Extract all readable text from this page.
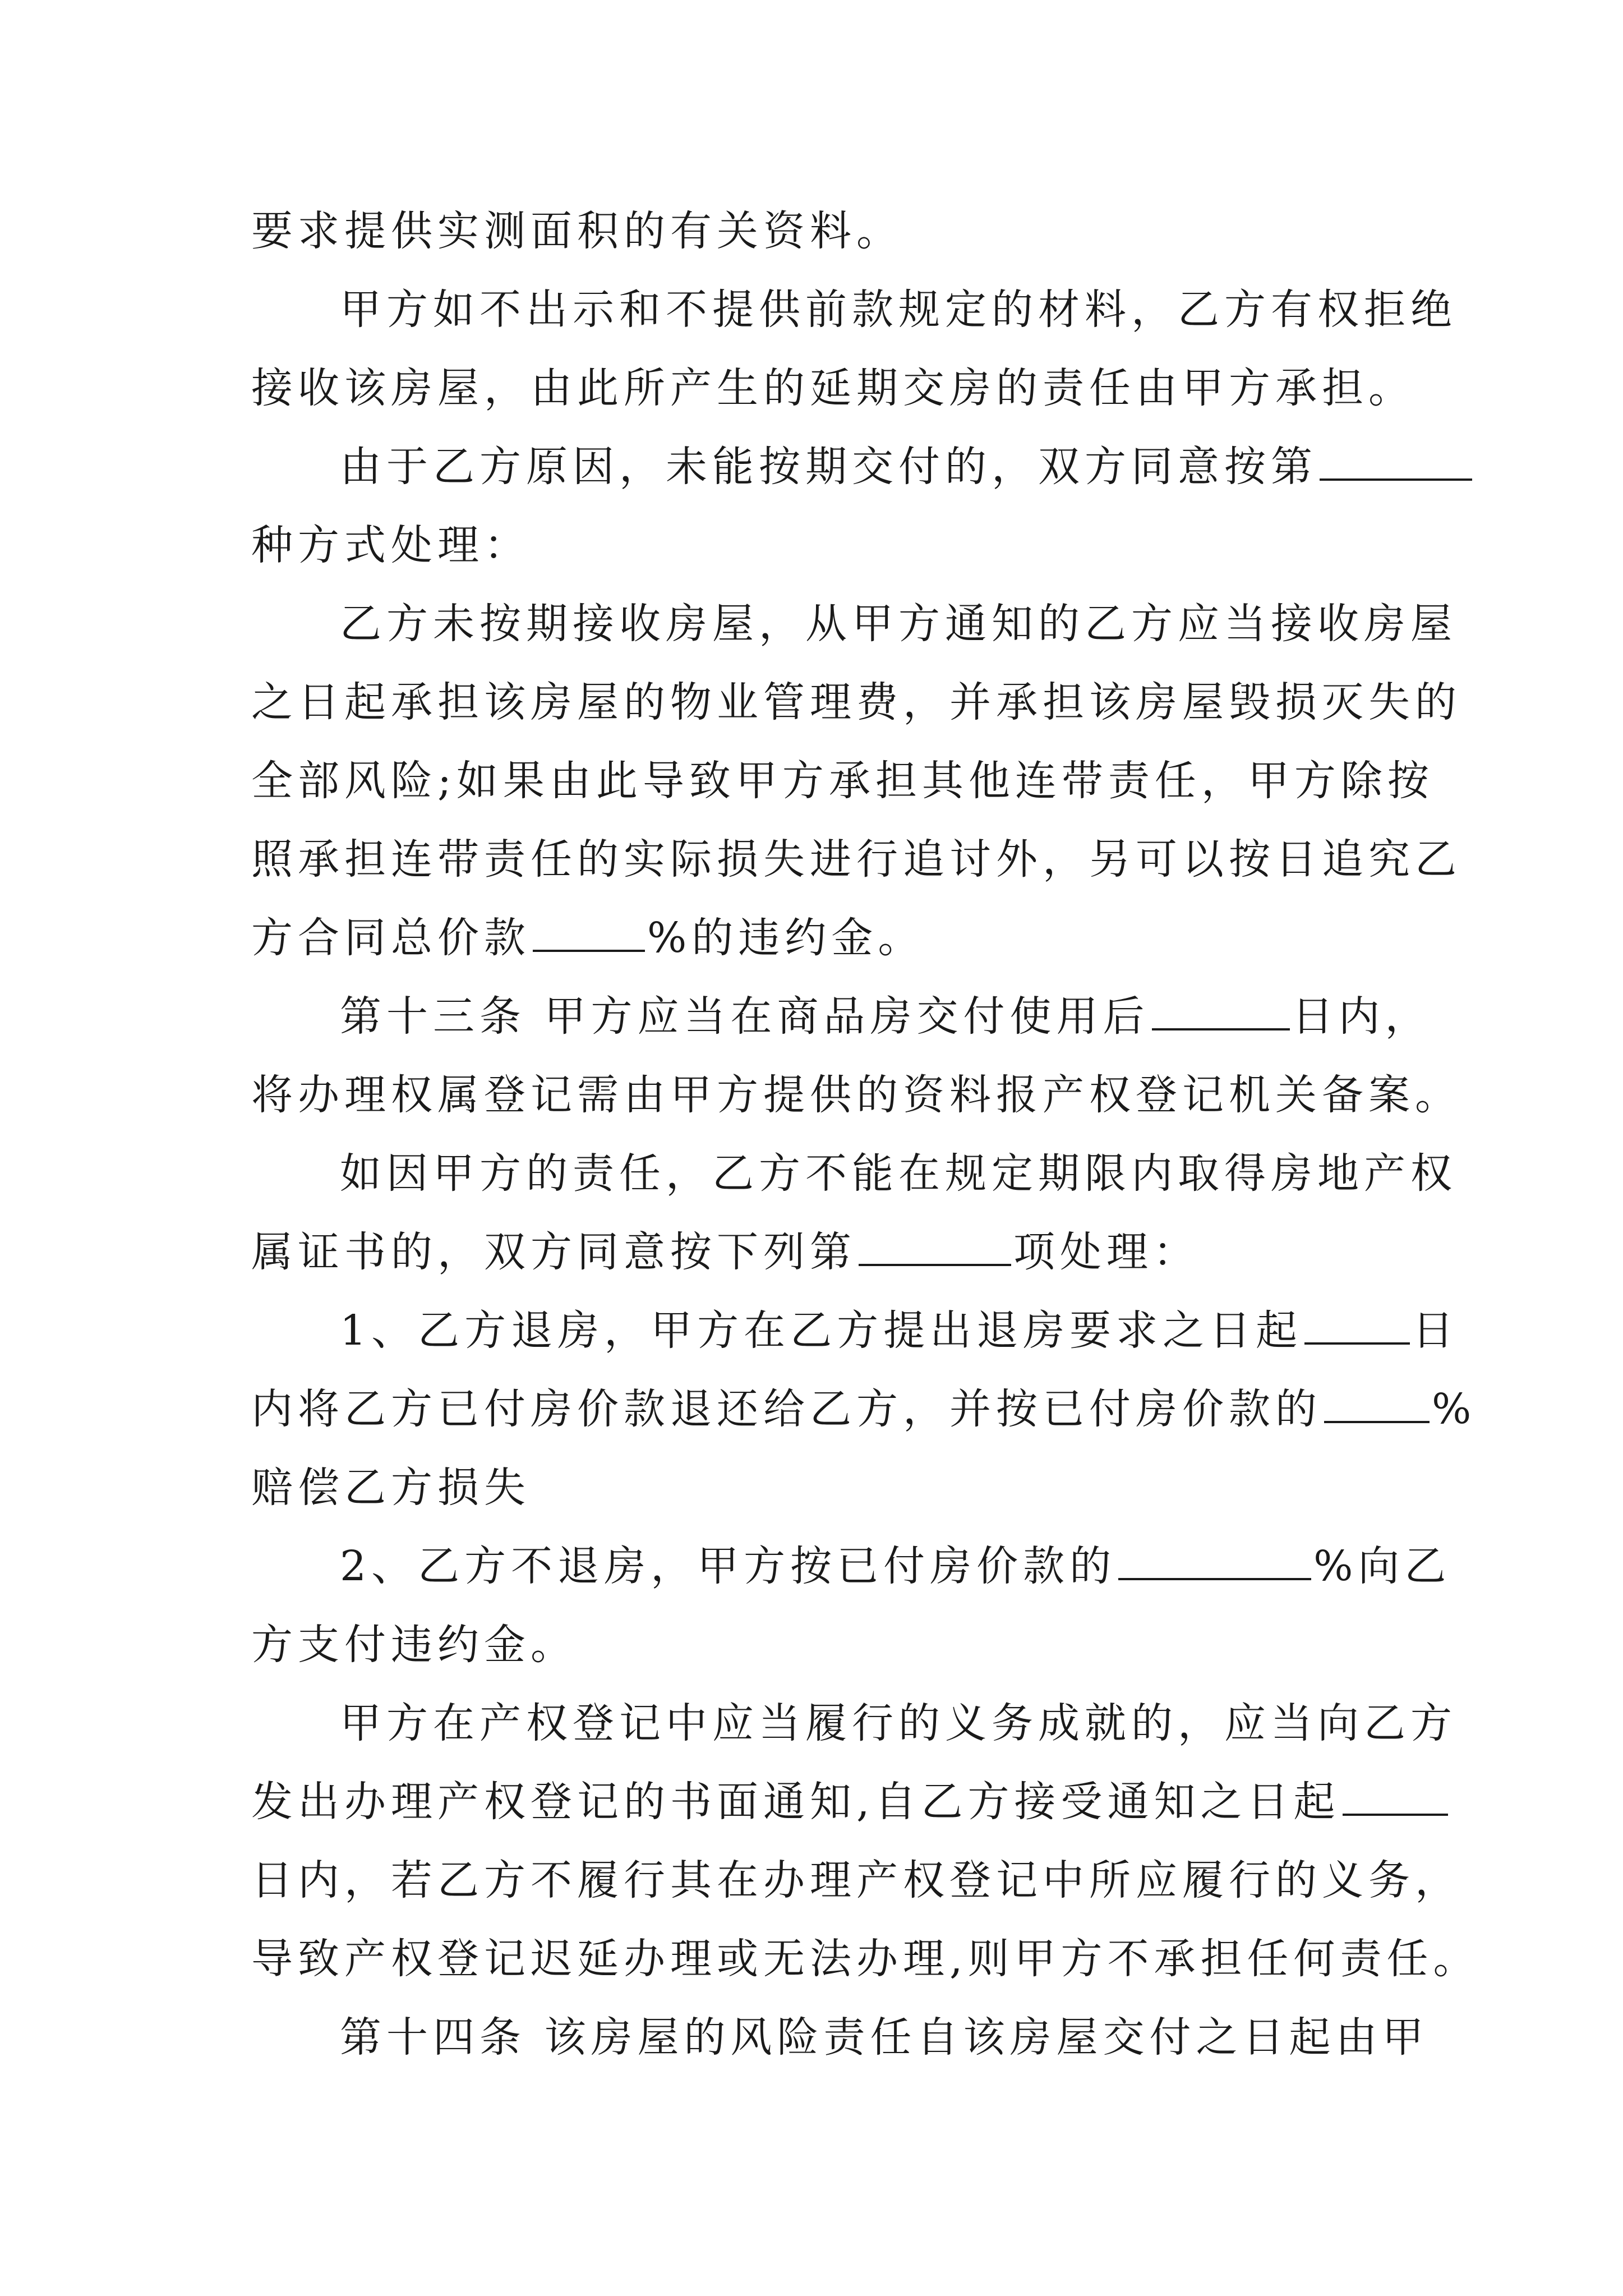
要求提供实测面积的有关资料。
甲方如不出示和不提供前款规定的材料，乙方有权拒绝
接收该房屋，由此所产生的延期交房的责任由甲方承担。
由于乙方原因，未能按期交付的，双方同意按第
种方式处理：
乙方未按期接收房屋，从甲方通知的乙方应当接收房屋
之日起承担该房屋的物业管理费，并承担该房屋毁损灭失的
全部风险;如果由此导致甲方承担其他连带责任，甲方除按
照承担连带责任的实际损失进行追讨外，另可以按日追究乙
方合同总价款	%的违约金。
第十三条 甲方应当在商品房交付使用后	日内，
将办理权属登记需由甲方提供的资料报产权登记机关备案。
如因甲方的责任，乙方不能在规定期限内取得房地产权
属证书的，双方同意按下列第	项处理：
1、乙方退房，甲方在乙方提出退房要求之日起	日
内将乙方已付房价款退还给乙方，并按已付房价款的	%
赔偿乙方损失
2、乙方不退房，甲方按已付房价款的	%向乙
方支付违约金。
甲方在产权登记中应当履行的义务成就的，应当向乙方
发出办理产权登记的书面通知,自乙方接受通知之日起
日内，若乙方不履行其在办理产权登记中所应履行的义务，
导致产权登记迟延办理或无法办理,则甲方不承担任何责任。
第十四条 该房屋的风险责任自该房屋交付之日起由甲
